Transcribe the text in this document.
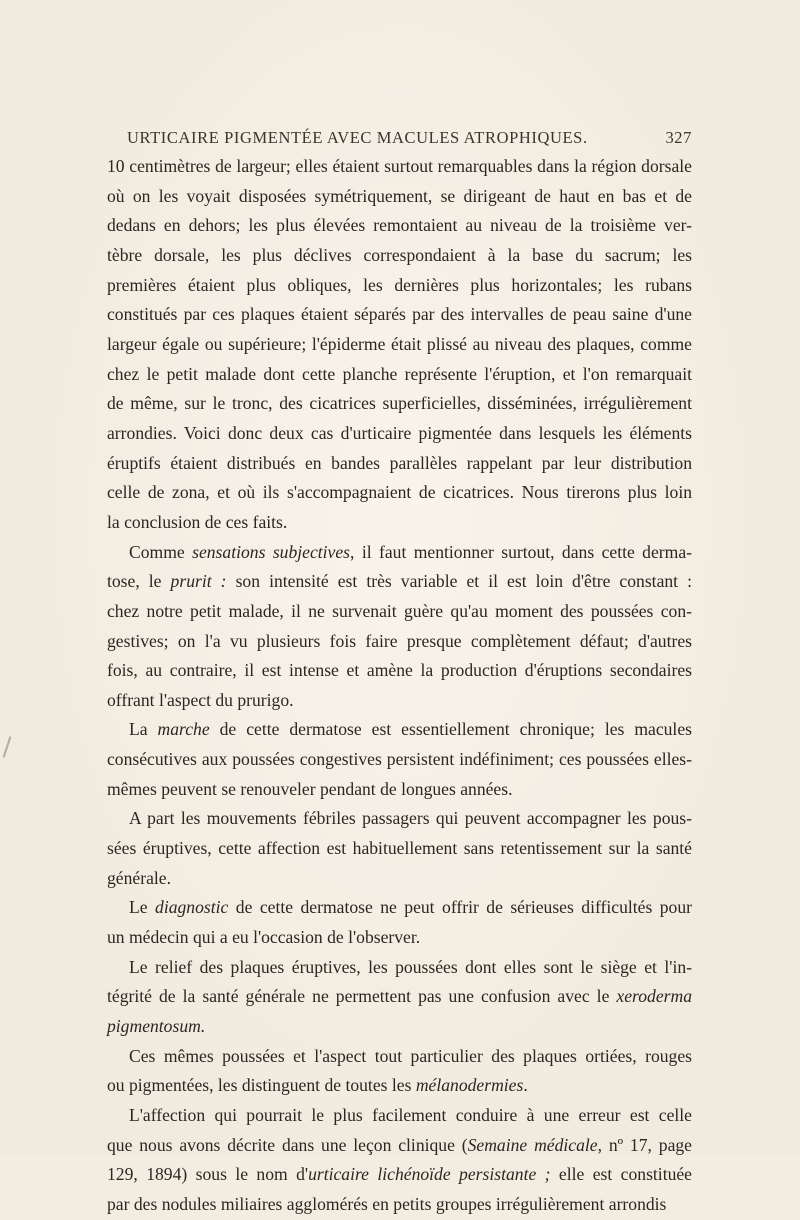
URTICAIRE PIGMENTÉE AVEC MACULES ATROPHIQUES.	327
10 centimètres de largeur; elles étaient surtout remarquables dans la région dorsale
où on les voyait disposées symétriquement, se dirigeant de haut en bas et de
dedans en dehors; les plus élevées remontaient au niveau de la troisième ver-
tèbre dorsale, les plus déclives correspondaient à la base du sacrum; les
premières étaient plus obliques, les dernières plus horizontales; les rubans
constitués par ces plaques étaient séparés par des intervalles de peau saine d'une
largeur égale ou supérieure; l'épiderme était plissé au niveau des plaques, comme
chez le petit malade dont cette planche représente l'éruption, et l'on remarquait
de même, sur le tronc, des cicatrices superficielles, disséminées, irrégulièrement
arrondies. Voici donc deux cas d'urticaire pigmentée dans lesquels les éléments
éruptifs étaient distribués en bandes parallèles rappelant par leur distribution
celle de zona, et où ils s'accompagnaient de cicatrices. Nous tirerons plus loin
la conclusion de ces faits.
Comme sensations subjectives, il faut mentionner surtout, dans cette derma-
tose, le prurit : son intensité est très variable et il est loin d'être constant :
chez notre petit malade, il ne survenait guère qu'au moment des poussées con-
gestives; on l'a vu plusieurs fois faire presque complètement défaut; d'autres
fois, au contraire, il est intense et amène la production d'éruptions secondaires
offrant l'aspect du prurigo.
La marche de cette dermatose est essentiellement chronique; les macules
consécutives aux poussées congestives persistent indéfiniment; ces poussées elles-
mêmes peuvent se renouveler pendant de longues années.
A part les mouvements fébriles passagers qui peuvent accompagner les pous-
sées éruptives, cette affection est habituellement sans retentissement sur la santé
générale.
Le diagnostic de cette dermatose ne peut offrir de sérieuses difficultés pour
un médecin qui a eu l'occasion de l'observer.
Le relief des plaques éruptives, les poussées dont elles sont le siège et l'in-
tégrité de la santé générale ne permettent pas une confusion avec le xeroderma
pigmentosum.
Ces mêmes poussées et l'aspect tout particulier des plaques ortiées, rouges
ou pigmentées, les distinguent de toutes les mélanodermies.
L'affection qui pourrait le plus facilement conduire à une erreur est celle
que nous avons décrite dans une leçon clinique (Semaine médicale, nº 17, page
129, 1894) sous le nom d'urticaire lichénoïde persistante ; elle est constituée
par des nodules miliaires agglomérés en petits groupes irrégulièrement arrondis
